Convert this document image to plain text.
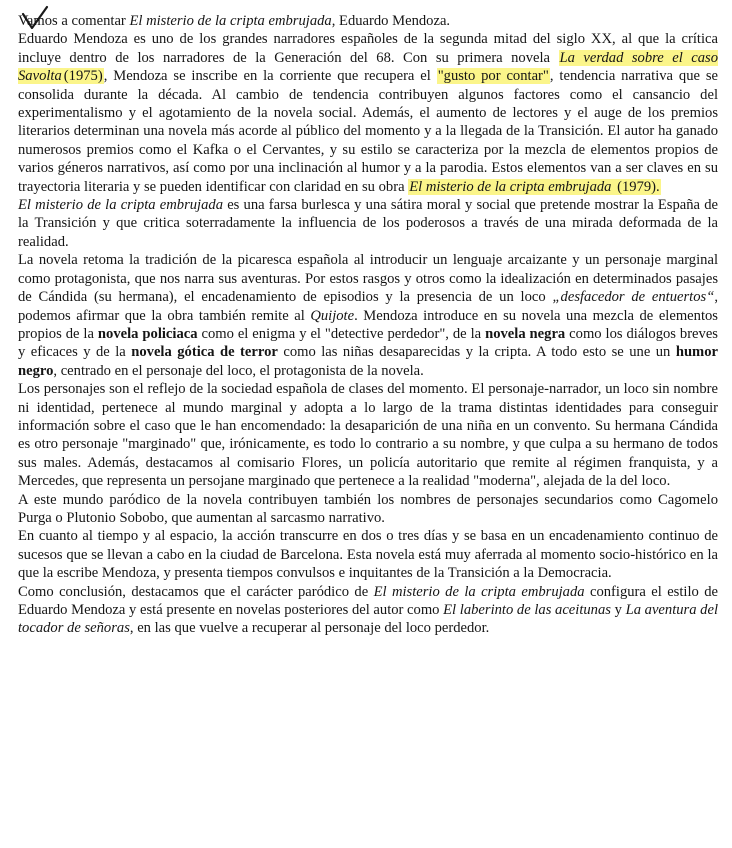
Vamos a comentar El misterio de la cripta embrujada, Eduardo Mendoza.

Eduardo Mendoza es uno de los grandes narradores españoles de la segunda mitad del siglo XX, al que la crítica incluye dentro de los narradores de la Generación del 68. Con su primera novela La verdad sobre el caso Savolta (1975), Mendoza se inscribe en la corriente que recupera el "gusto por contar", tendencia narrativa que se consolida durante la década. Al cambio de tendencia contribuyen algunos factores como el cansancio del experimentalismo y el agotamiento de la novela social. Además, el aumento de lectores y el auge de los premios literarios determinan una novela más acorde al público del momento y a la llegada de la Transición. El autor ha ganado numerosos premios como el Kafka o el Cervantes, y su estilo se caracteriza por la mezcla de elementos propios de varios géneros narrativos, así como por una inclinación al humor y a la parodia. Estos elementos van a ser claves en su trayectoria literaria y se pueden identificar con claridad en su obra El misterio de la cripta embrujada (1979).

El misterio de la cripta embrujada es una farsa burlesca y una sátira moral y social que pretende mostrar la España de la Transición y que critica soterradamente la influencia de los poderosos a través de una mirada deformada de la realidad.

La novela retoma la tradición de la picaresca española al introducir un lenguaje arcaizante y un personaje marginal como protagonista, que nos narra sus aventuras. Por estos rasgos y otros como la idealización en determinados pasajes de Cándida (su hermana), el encadenamiento de episodios y la presencia de un loco „desfacedor de entuertos“, podemos afirmar que la obra también remite al Quijote. Mendoza introduce en su novela una mezcla de elementos propios de la novela policiaca como el enigma y el "detective perdedor", de la novela negra como los diálogos breves y eficaces y de la novela gótica de terror como las niñas desaparecidas y la cripta. A todo esto se une un humor negro, centrado en el personaje del loco, el protagonista de la novela.

Los personajes son el reflejo de la sociedad española de clases del momento. El personaje-narrador, un loco sin nombre ni identidad, pertenece al mundo marginal y adopta a lo largo de la trama distintas identidades para conseguir información sobre el caso que le han encomendado: la desaparición de una niña en un convento. Su hermana Cándida es otro personaje "marginado" que, irónicamente, es todo lo contrario a su nombre, y que culpa a su hermano de todos sus males. Además, destacamos al comisario Flores, un policía autoritario que remite al régimen franquista, y a Mercedes, que representa un persojane marginado que pertenece a la realidad "moderna", alejada de la del loco.

A este mundo paródico de la novela contribuyen también los nombres de personajes secundarios como Cagomelo Purga o Plutonio Sobobo, que aumentan al sarcasmo narrativo.

En cuanto al tiempo y al espacio, la acción transcurre en dos o tres días y se basa en un encadenamiento continuo de sucesos que se llevan a cabo en la ciudad de Barcelona. Esta novela está muy aferrada al momento socio-histórico en la que la escribe Mendoza, y presenta tiempos convulsos e inquitantes de la Transición a la Democracia.

Como conclusión, destacamos que el carácter paródico de El misterio de la cripta embrujada configura el estilo de Eduardo Mendoza y está presente en novelas posteriores del autor como El laberinto de las aceitunas y La aventura del tocador de señoras, en las que vuelve a recuperar al personaje del loco perdedor.
